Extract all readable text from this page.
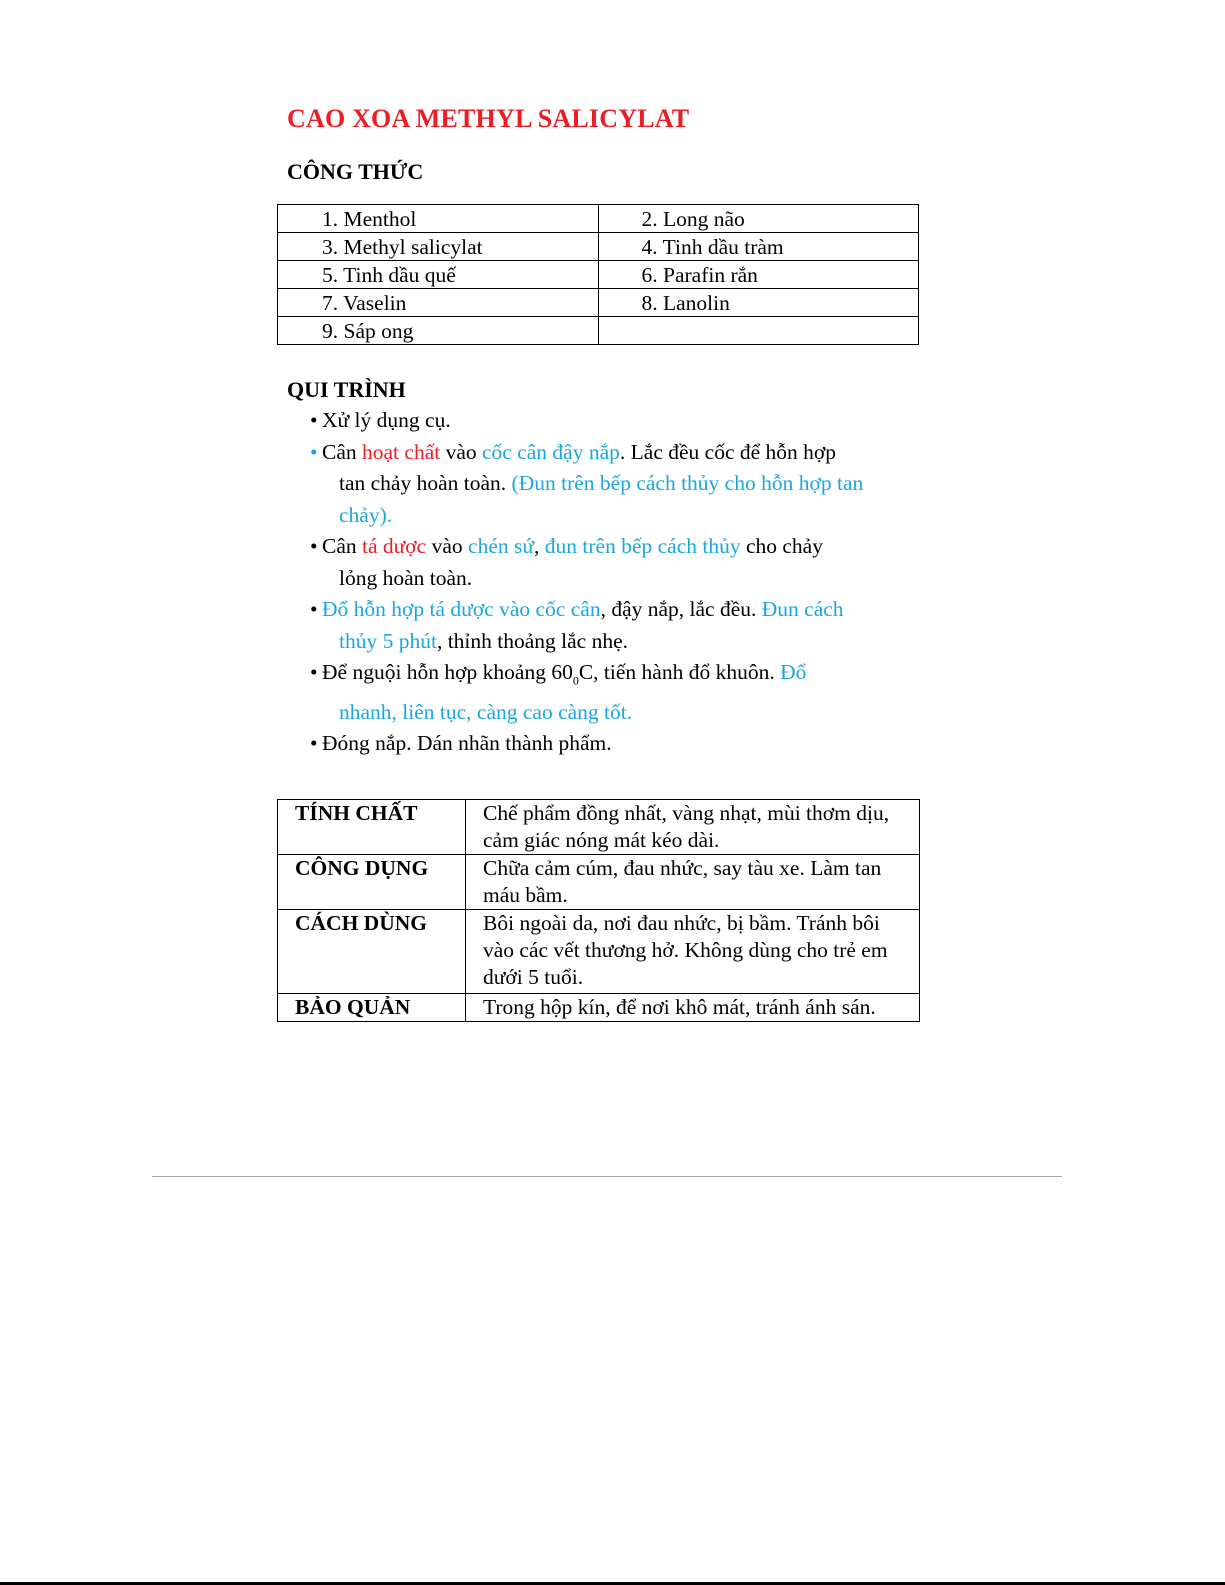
CAO XOA METHYL SALICYLAT
CÔNG THỨC
1. Menthol	2. Long não

3. Methyl salicylat	4. Tinh dầu tràm

5. Tinh dầu quế	6. Parafin rắn

7. Vaselin	8. Lanolin

9. Sáp ong	

QUI TRÌNH
• Xử lý dụng cụ.
• Cân hoạt chất vào cốc cân đậy nắp. Lắc đều cốc để hỗn hợp
tan chảy hoàn toàn. (Đun trên bếp cách thủy cho hỗn hợp tan
chảy).
• Cân tá dược vào chén sứ, đun trên bếp cách thủy cho chảy
lỏng hoàn toàn.
• Đổ hỗn hợp tá dược vào cốc cân, đậy nắp, lắc đều. Đun cách
thủy 5 phút, thỉnh thoảng lắc nhẹ.
• Để nguội hỗn hợp khoảng $60_0C$, tiến hành đổ khuôn. Đổ
nhanh, liên tục, càng cao càng tốt.
• Đóng nắp. Dán nhãn thành phẩm.
TÍNH CHẤT	Chế phẩm đồng nhất, vàng nhạt, mùi thơm dịu, cảm giác nóng mát kéo dài.
CÔNG DỤNG	Chữa cảm cúm, đau nhức, say tàu xe. Làm tan máu bầm.
CÁCH DÙNG	Bôi ngoài da, nơi đau nhức, bị bầm. Tránh bôi vào các vết thương hở. Không dùng cho trẻ em dưới 5 tuổi.
BẢO QUẢN	Trong hộp kín, để nơi khô mát, tránh ánh sán.
